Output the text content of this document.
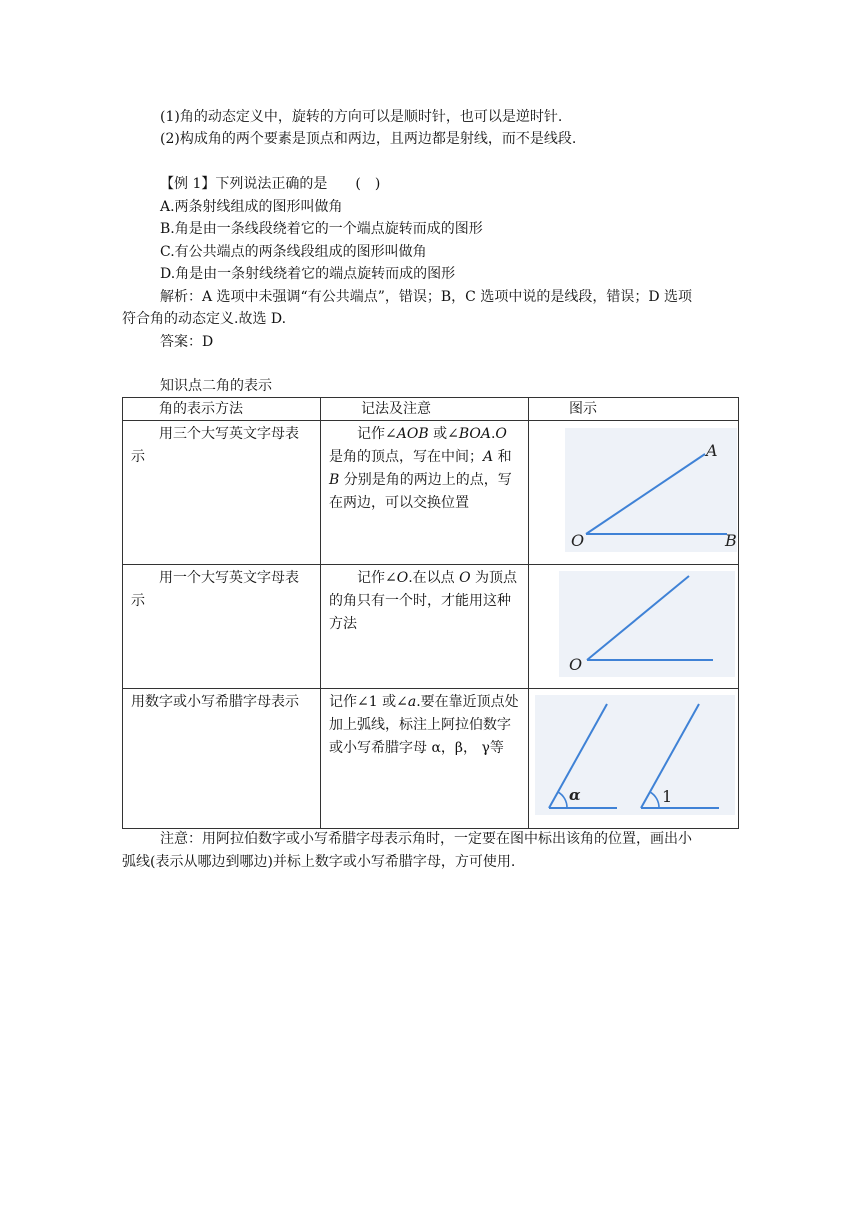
(1)角的动态定义中，旋转的方向可以是顺时针，也可以是逆时针.
(2)构成角的两个要素是顶点和两边，且两边都是射线，而不是线段.
【例 1】下列说法正确的是　　(　)
A.两条射线组成的图形叫做角
B.角是由一条线段绕着它的一个端点旋转而成的图形
C.有公共端点的两条线段组成的图形叫做角
D.角是由一条射线绕着它的端点旋转而成的图形
解析：A 选项中未强调“有公共端点”，错误；B，C 选项中说的是线段，错误；D 选项
符合角的动态定义.故选 D.
答案：D
知识点二角的表示
角的表示方法	记法及注意	图示
用三个大写英文字母表示	记作∠AOB 或∠BOA.O 是角的顶点，写在中间；A 和 B 分别是角的两边上的点，写在两边，可以交换位置	A
O B

用一个大写英文字母表示	记作∠O.在以点 O 为顶点的角只有一个时，才能用这种方法	O

用数字或小写希腊字母表示	记作∠1 或∠a.要在靠近顶点处加上弧线，标注上阿拉伯数字或小写希腊字母 α，β， γ等	α 1
注意：用阿拉伯数字或小写希腊字母表示角时，一定要在图中标出该角的位置，画出小
弧线(表示从哪边到哪边)并标上数字或小写希腊字母，方可使用.
